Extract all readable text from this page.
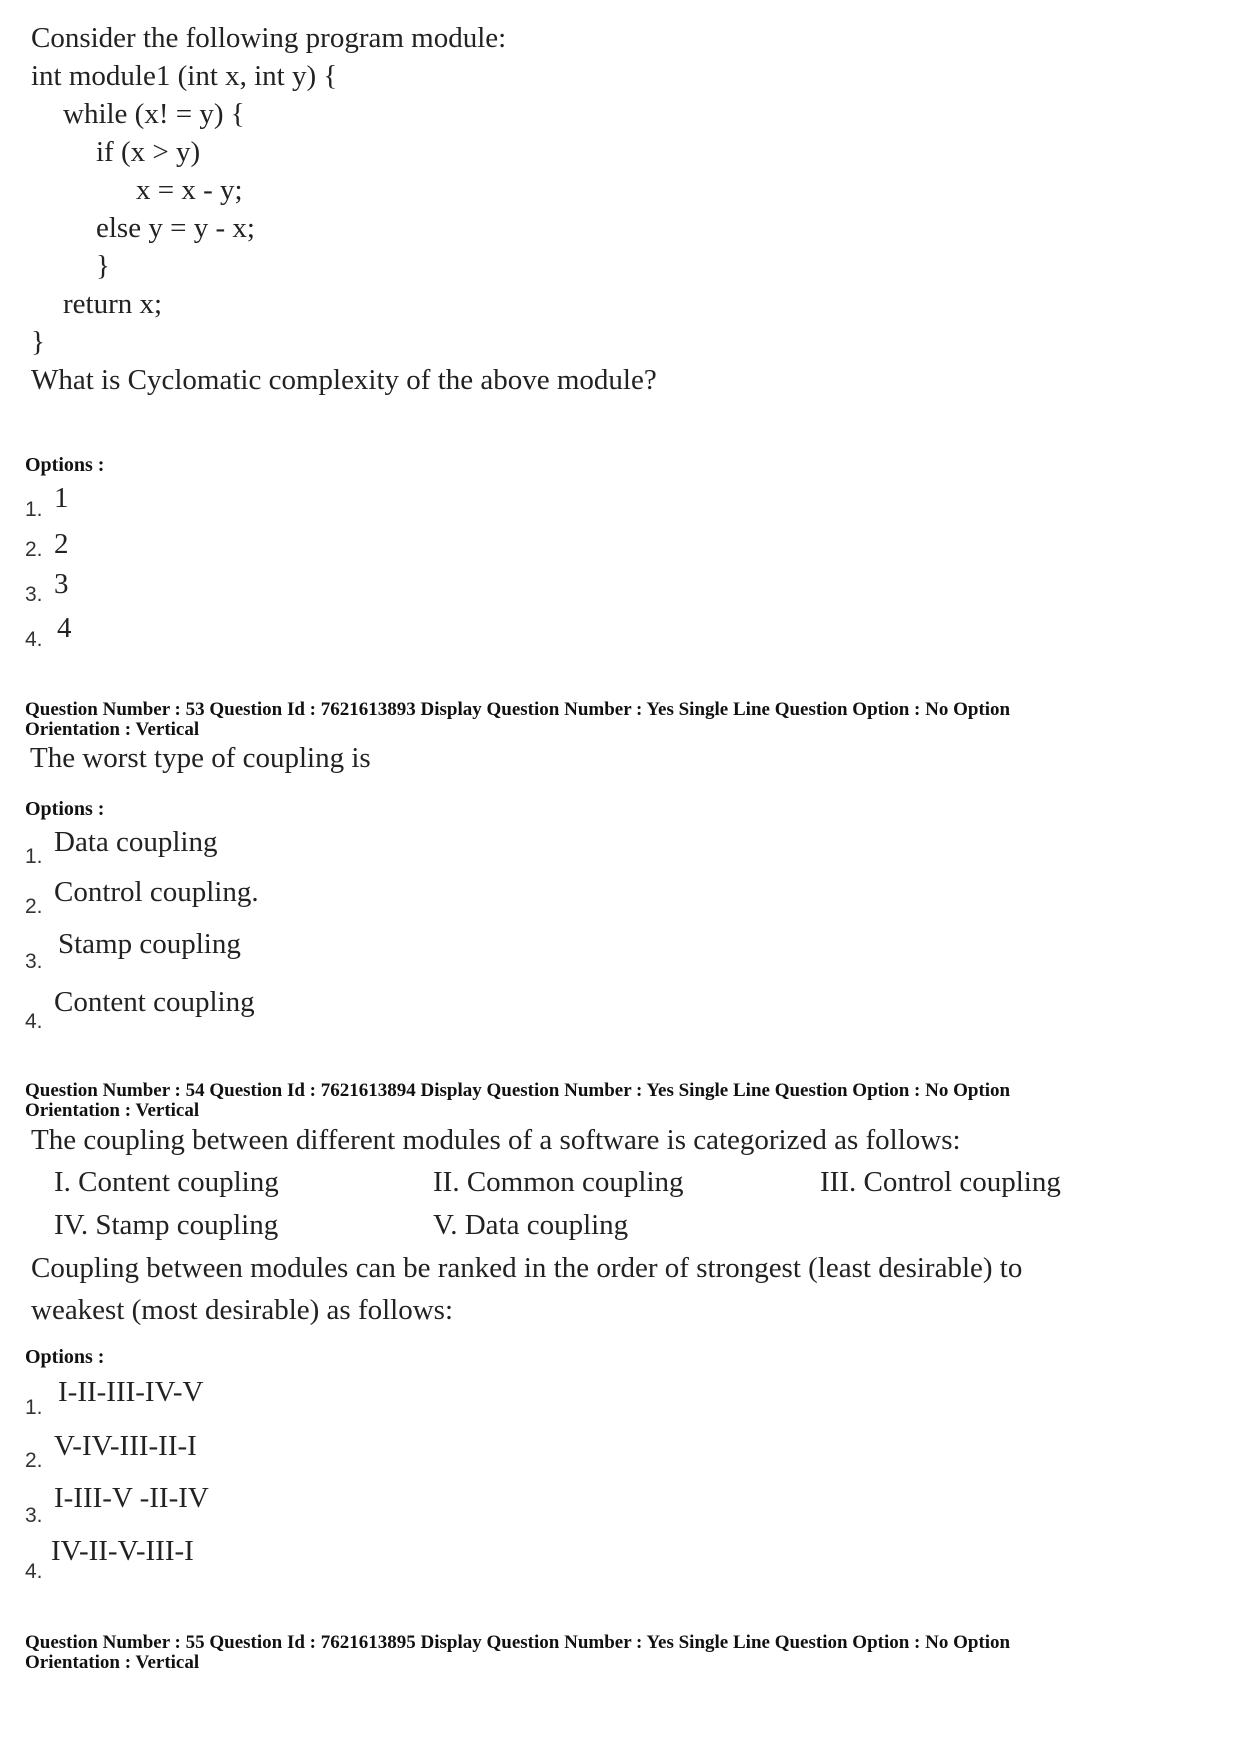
Consider the following program module:
int module1 (int x, int y) {
while (x! = y) {
if (x > y)
x = x - y;
else y = y - x;
}
return x;
}
What is Cyclomatic complexity of the above module?
Options :
1. 1
2. 2
3. 3
4. 4
Question Number : 53 Question Id : 7621613893 Display Question Number : Yes Single Line Question Option : No Option
Orientation : Vertical
The worst type of coupling is
Options :
1. Data coupling
2. Control coupling.
3.
Stamp coupling
4.
Content coupling
Question Number : 54 Question Id : 7621613894 Display Question Number : Yes Single Line Question Option : No Option
Orientation : Vertical
The coupling between different modules of a software is categorized as follows:
I. Content coupling	II. Common coupling	III. Control coupling
IV. Stamp coupling	V. Data coupling
Coupling between modules can be ranked in the order of strongest (least desirable) to
weakest (most desirable) as follows:
Options :
1. I-II-III-IV-V
2. V-IV-III-II-I
3.
I-III-V -II-IV
4.
IV-II-V-III-I
Question Number : 55 Question Id : 7621613895 Display Question Number : Yes Single Line Question Option : No Option
Orientation : Vertical
